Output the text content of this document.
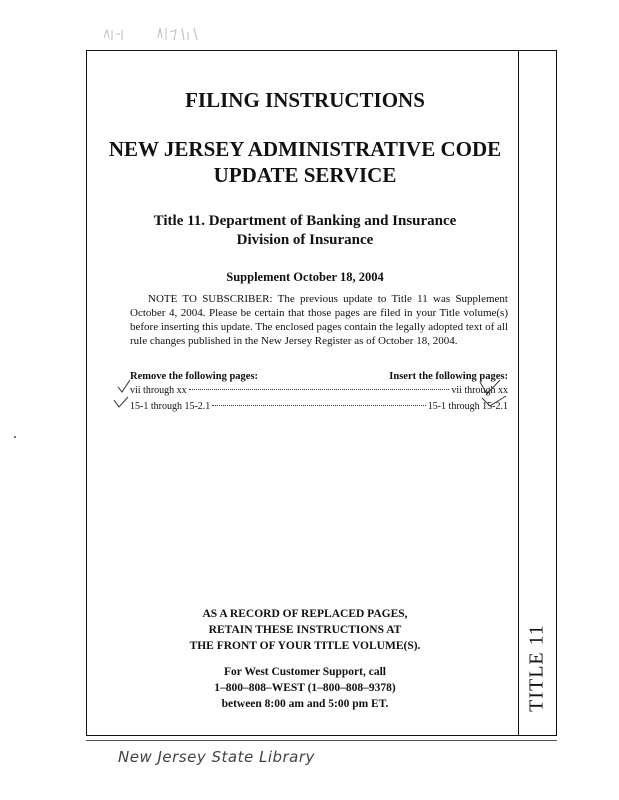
TITLE 11
FILING INSTRUCTIONS
NEW JERSEY ADMINISTRATIVE CODE
UPDATE SERVICE
Title 11. Department of Banking and Insurance
Division of Insurance
Supplement October 18, 2004
NOTE TO SUBSCRIBER: The previous update to Title 11 was Supplement October 4, 2004. Please be certain that those pages are filed in your Title volume(s) before inserting this update. The enclosed pages contain the legally adopted text of all rule changes published in the New Jersey Register as of October 18, 2004.
Remove the following pages:	Insert the following pages:
vii through xx	vii through xx
15-1 through 15-2.1	15-1 through 15-2.1
AS A RECORD OF REPLACED PAGES,
RETAIN THESE INSTRUCTIONS AT
THE FRONT OF YOUR TITLE VOLUME(S).
For West Customer Support, call
1–800–808–WEST (1–800–808–9378)
between 8:00 am and 5:00 pm ET.
New Jersey State Library
